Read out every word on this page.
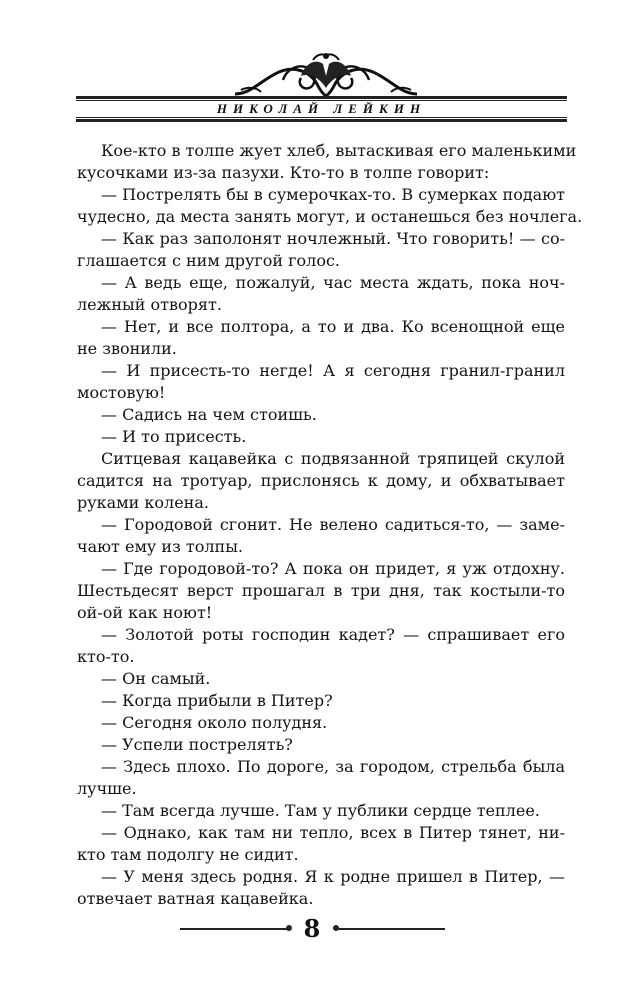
НИКОЛАЙ ЛЕЙКИН
Кое-кто в толпе жует хлеб, вытаскивая его маленькими
кусочками из-за пазухи. Кто-то в толпе говорит:
— Пострелять бы в сумерочках-то. В сумерках подают
чудесно, да места занять могут, и останешься без ночлега.
— Как раз заполонят ночлежный. Что говорить! — со-
глашается с ним другой голос.
— А ведь еще, пожалуй, час места ждать, пока ноч-
лежный отворят.
— Нет, и все полтора, а то и два. Ко всенощной еще
не звонили.
— И присесть-то негде! А я сегодня гранил-гранил
мостовую!
— Садись на чем стоишь.
— И то присесть.
Ситцевая кацавейка с подвязанной тряпицей скулой
садится на тротуар, прислонясь к дому, и обхватывает
руками колена.
— Городовой сгонит. Не велено садиться-то, — заме-
чают ему из толпы.
— Где городовой-то? А пока он придет, я уж отдохну.
Шестьдесят верст прошагал в три дня, так костыли-то
ой-ой как ноют!
— Золотой роты господин кадет? — спрашивает его
кто-то.
— Он самый.
— Когда прибыли в Питер?
— Сегодня около полудня.
— Успели пострелять?
— Здесь плохо. По дороге, за городом, стрельба была
лучше.
— Там всегда лучше. Там у публики сердце теплее.
— Однако, как там ни тепло, всех в Питер тянет, ни-
кто там подолгу не сидит.
— У меня здесь родня. Я к родне пришел в Питер, —
отвечает ватная кацавейка.
8
